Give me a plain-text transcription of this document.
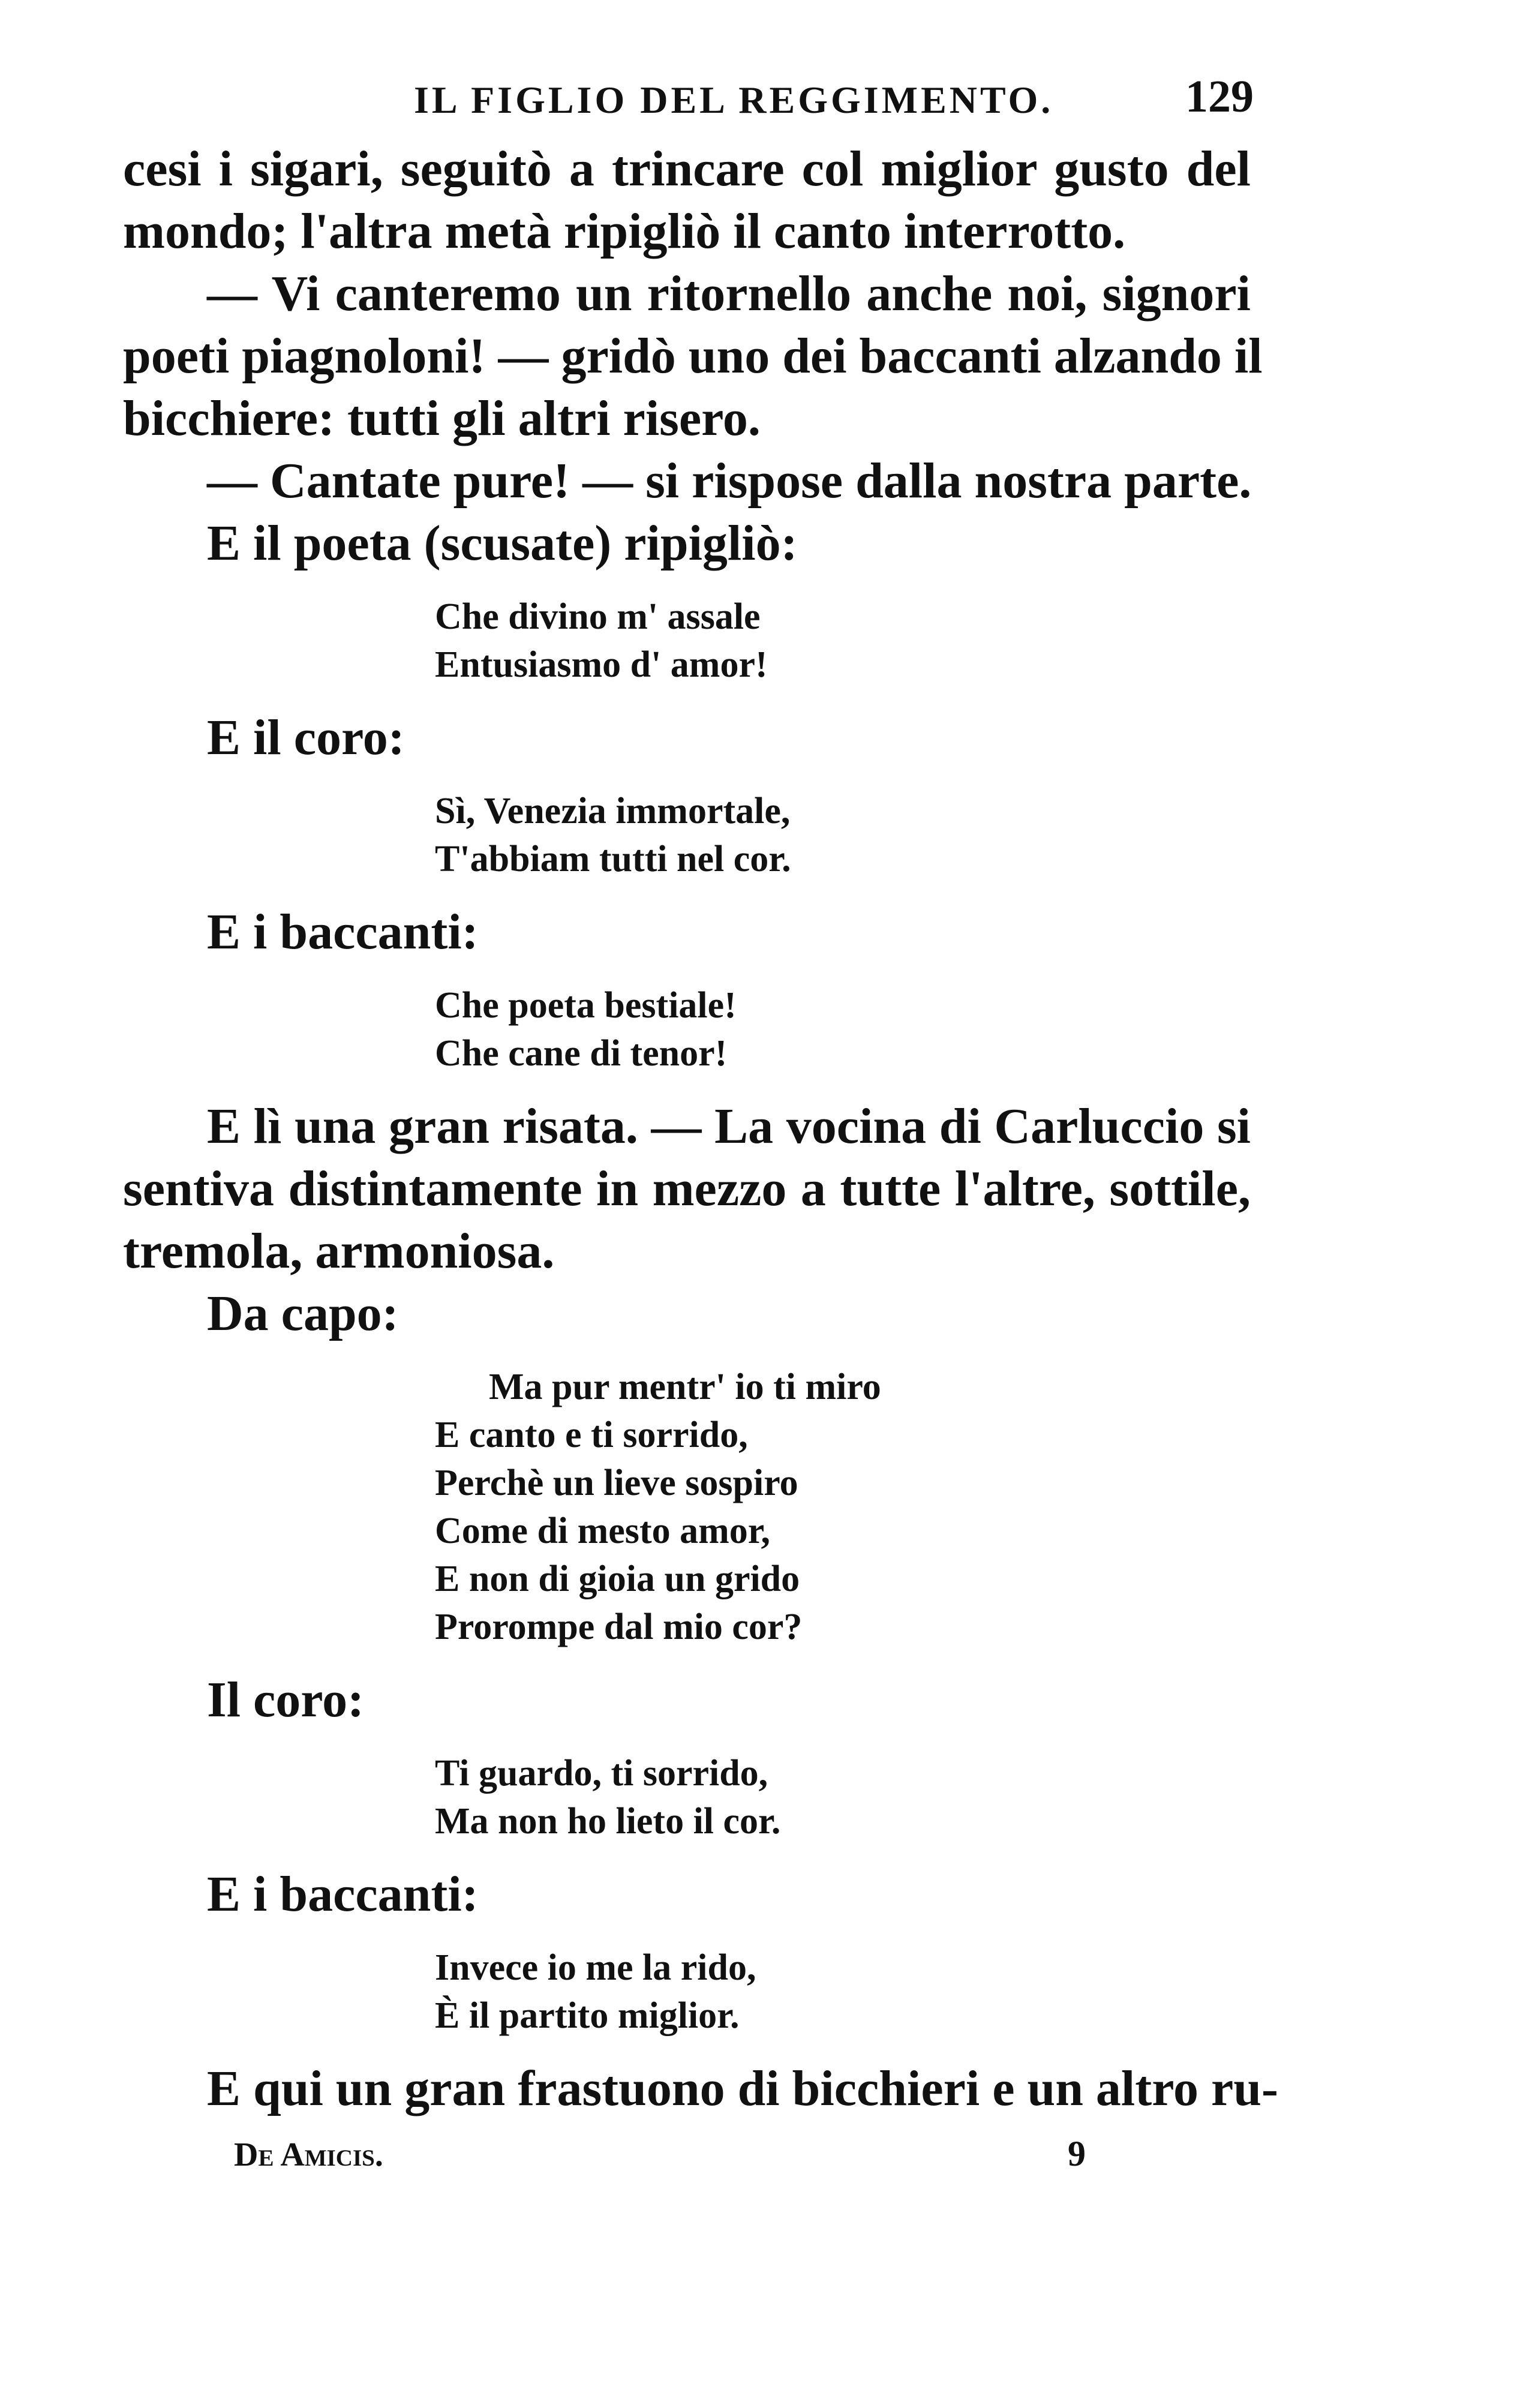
IL FIGLIO DEL REGGIMENTO.	129
cesi i sigari, seguitò a trincare col miglior gusto del
mondo; l'altra metà ripigliò il canto interrotto.
— Vi canteremo un ritornello anche noi, signori
poeti piagnoloni! — gridò uno dei baccanti alzando il
bicchiere: tutti gli altri risero.
— Cantate pure! — si rispose dalla nostra parte.
E il poeta (scusate) ripigliò:
Che divino m' assale
Entusiasmo d' amor!
E il coro:
Sì, Venezia immortale,
T'abbiam tutti nel cor.
E i baccanti:
Che poeta bestiale!
Che cane di tenor!
E lì una gran risata. — La vocina di Carluccio si
sentiva distintamente in mezzo a tutte l'altre, sottile,
tremola, armoniosa.
Da capo:
Ma pur mentr' io ti miro
E canto e ti sorrido,
Perchè un lieve sospiro
Come di mesto amor,
E non di gioia un grido
Prorompe dal mio cor?
Il coro:
Ti guardo, ti sorrido,
Ma non ho lieto il cor.
E i baccanti:
Invece io me la rido,
È il partito miglior.
E qui un gran frastuono di bicchieri e un altro ru-
De Amicis.	9
